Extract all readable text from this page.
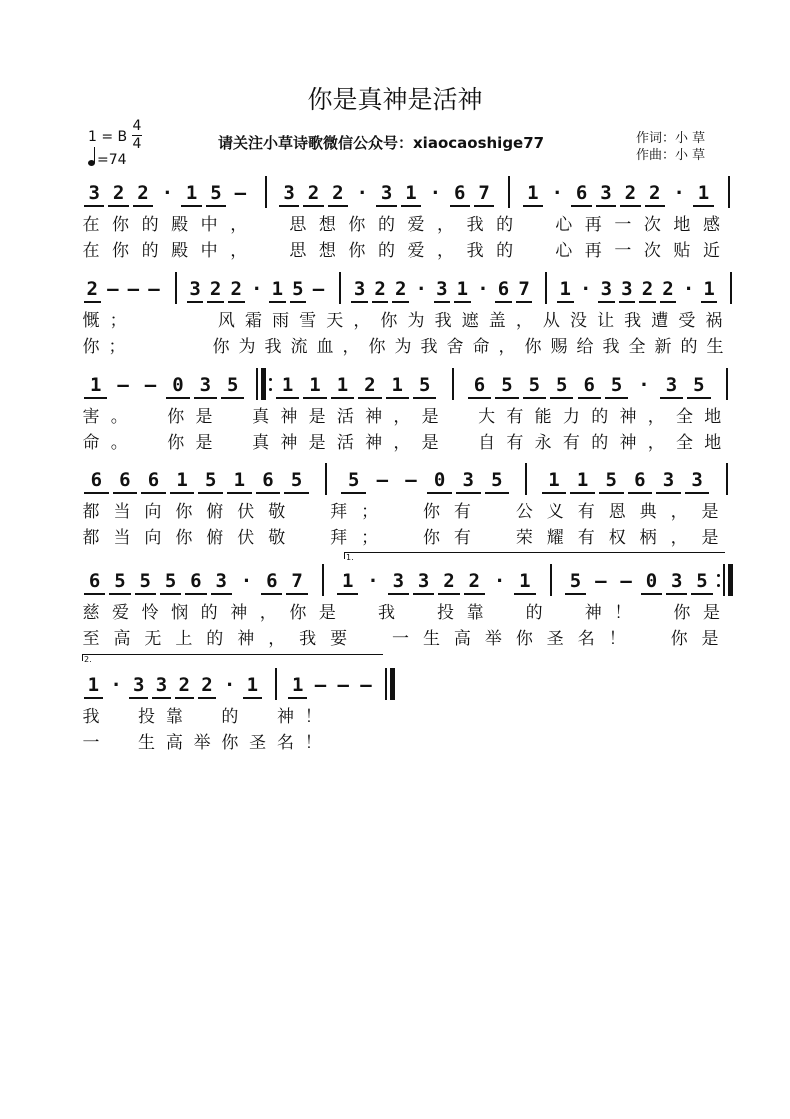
你是真神是活神
1 = B
4
4
=74
请关注小草诗歌微信公众号：xiaocaoshige77	作词：小 草
作曲：小 草
3 2 2 · 1 5 –	3 2 2 · 3 1 · 6 7	1 · 6 3 2 2 · 1
在 你 的 殿 中 ，
　 思 想 你 的 爱 ， 我 的
　 心 再 一 次 地 感
在 你 的 殿 中 ，
　 思 想 你 的 爱 ， 我 的
　 心 再 一 次 贴 近
2 – – – 3 2 2 · 1 5 – 3 2 2 · 3 1 · 6 7 1 · 3 3 2 2 · 1
慨 ；

　	风 霜 雨 雪 天 ， 你 为 我 遮 盖 ， 从 没 让 我 遭 受 祸
你 ；

　	你 为 我 流 血 ， 你 为 我 舍 命 ， 你 赐 给 我 全 新 的 生
1 – – 0 3 5	1 1 1 2 1 5	6 5 5 5 6 5 · 3 5
害 。
　 你 是
　 真 神 是 活 神 ， 是
　 大 有 能 力 的 神 ， 全 地
命 。
　 你 是
　 真 神 是 活 神 ， 是
　 自 有 永 有 的 神 ， 全 地
6 6 6 1 5 1 6 5	5 – – 0 3 5	1 1 5 6 3 3
都 当 向 你 俯 伏 敬
　	拜 ；
　	你 有
　	公 义 有 恩 典 ， 是
都 当 向 你 俯 伏 敬
　	拜 ；
　	你 有
　	荣 耀 有 权 柄 ， 是
6 5 5 5 6 3 · 6 7	1 · 3 3 2 2 · 1	5 – – 0 3 5
1.
慈 爱 怜 悯 的 神 ， 你 是
　 我
　 投 靠
　 的
　 神 ！
　 你 是
至 高 无 上 的 神 ， 我 要
　	一 生 高 举 你 圣 名 ！
　	你 是
1 · 3 3 2 2 · 1 1 – – –
2.
我
　 投 靠
　 的
　 神 ！
一
　 生 高 举 你 圣 名 ！
